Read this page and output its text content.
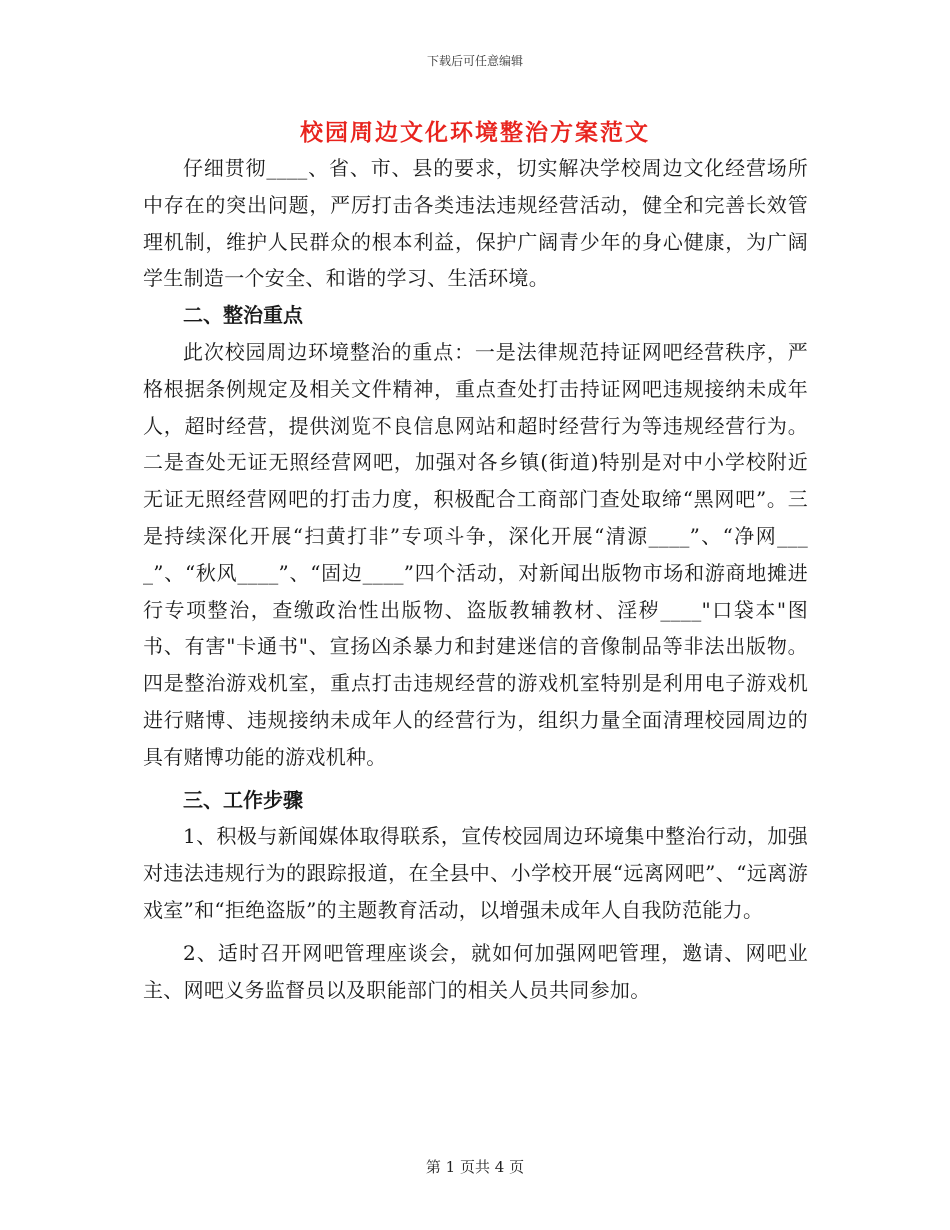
下载后可任意编辑
校园周边文化环境整治方案范文

仔细贯彻____、省、市、县的要求，切实解决学校周边文化经营场所中存在的突出问题，严厉打击各类违法违规经营活动，健全和完善长效管理机制，维护人民群众的根本利益，保护广阔青少年的身心健康，为广阔学生制造一个安全、和谐的学习、生活环境。

二、整治重点

此次校园周边环境整治的重点：一是法律规范持证网吧经营秩序，严格根据条例规定及相关文件精神，重点查处打击持证网吧违规接纳未成年人，超时经营，提供浏览不良信息网站和超时经营行为等违规经营行为。二是查处无证无照经营网吧，加强对各乡镇(街道)特别是对中小学校附近无证无照经营网吧的打击力度，积极配合工商部门查处取缔“黑网吧”。三是持续深化开展“扫黄打非”专项斗争，深化开展“清源____”、“净网____”、“秋风____”、“固边____”四个活动，对新闻出版物市场和游商地摊进行专项整治，查缴政治性出版物、盗版教辅教材、淫秽____"口袋本"图书、有害"卡通书"、宣扬凶杀暴力和封建迷信的音像制品等非法出版物。四是整治游戏机室，重点打击违规经营的游戏机室特别是利用电子游戏机进行赌博、违规接纳未成年人的经营行为，组织力量全面清理校园周边的具有赌博功能的游戏机种。

三、工作步骤

1、积极与新闻媒体取得联系，宣传校园周边环境集中整治行动，加强对违法违规行为的跟踪报道，在全县中、小学校开展“远离网吧”、“远离游戏室”和“拒绝盗版”的主题教育活动，以增强未成年人自我防范能力。

2、适时召开网吧管理座谈会，就如何加强网吧管理，邀请、网吧业主、网吧义务监督员以及职能部门的相关人员共同参加。

第 1 页共 4 页
